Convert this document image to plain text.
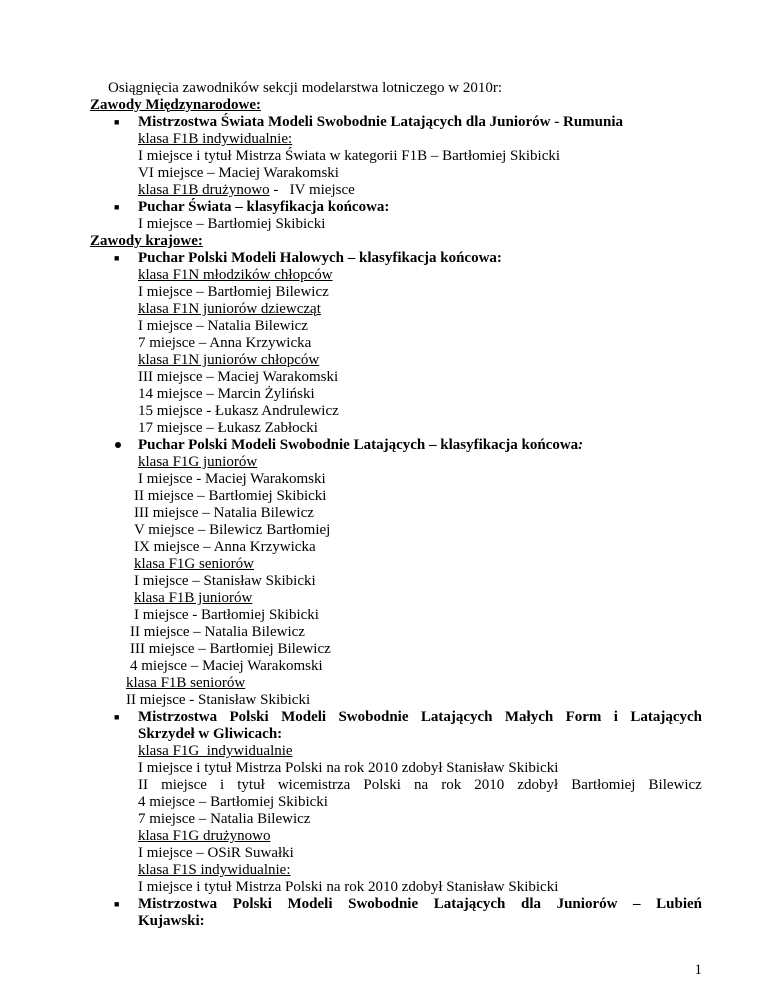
Osiągnięcia zawodników sekcji modelarstwa lotniczego w 2010r:
Zawody Międzynarodowe:
■ Mistrzostwa Świata Modeli Swobodnie Latających dla Juniorów - Rumunia
klasa F1B indywidualnie:
I miejsce i tytuł Mistrza Świata w kategorii F1B – Bartłomiej Skibicki
VI miejsce – Maciej Warakomski
klasa F1B drużynowo -   IV miejsce
■ Puchar Świata – klasyfikacja końcowa:
I miejsce – Bartłomiej Skibicki
Zawody krajowe:
■ Puchar Polski Modeli Halowych – klasyfikacja końcowa:
klasa F1N młodzików chłopców
I miejsce – Bartłomiej Bilewicz
klasa F1N juniorów dziewcząt
I miejsce – Natalia Bilewicz
7 miejsce – Anna Krzywicka
klasa F1N juniorów chłopców
III miejsce – Maciej Warakomski
14 miejsce – Marcin Żyliński
15 miejsce - Łukasz Andrulewicz
17 miejsce – Łukasz Zabłocki
Puchar Polski Modeli Swobodnie Latających – klasyfikacja końcowa:
klasa F1G juniorów
I miejsce - Maciej Warakomski
II miejsce – Bartłomiej Skibicki
III miejsce – Natalia Bilewicz
V miejsce – Bilewicz Bartłomiej
IX miejsce – Anna Krzywicka
klasa F1G seniorów
I miejsce – Stanisław Skibicki
klasa F1B juniorów
I miejsce - Bartłomiej Skibicki
II miejsce – Natalia Bilewicz
III miejsce – Bartłomiej Bilewicz
4 miejsce – Maciej Warakomski
klasa F1B seniorów
II miejsce - Stanisław Skibicki
■ Mistrzostwa Polski Modeli Swobodnie Latających Małych Form i Latających
Skrzydeł w Gliwicach:
klasa F1G  indywidualnie
I miejsce i tytuł Mistrza Polski na rok 2010 zdobył Stanisław Skibicki
II miejsce i tytuł wicemistrza Polski na rok 2010 zdobył Bartłomiej Bilewicz
4 miejsce – Bartłomiej Skibicki
7 miejsce – Natalia Bilewicz
klasa F1G drużynowo
I miejsce – OSiR Suwałki
klasa F1S indywidualnie:
I miejsce i tytuł Mistrza Polski na rok 2010 zdobył Stanisław Skibicki
■ Mistrzostwa Polski Modeli Swobodnie Latających dla Juniorów – Lubień
Kujawski:
1
